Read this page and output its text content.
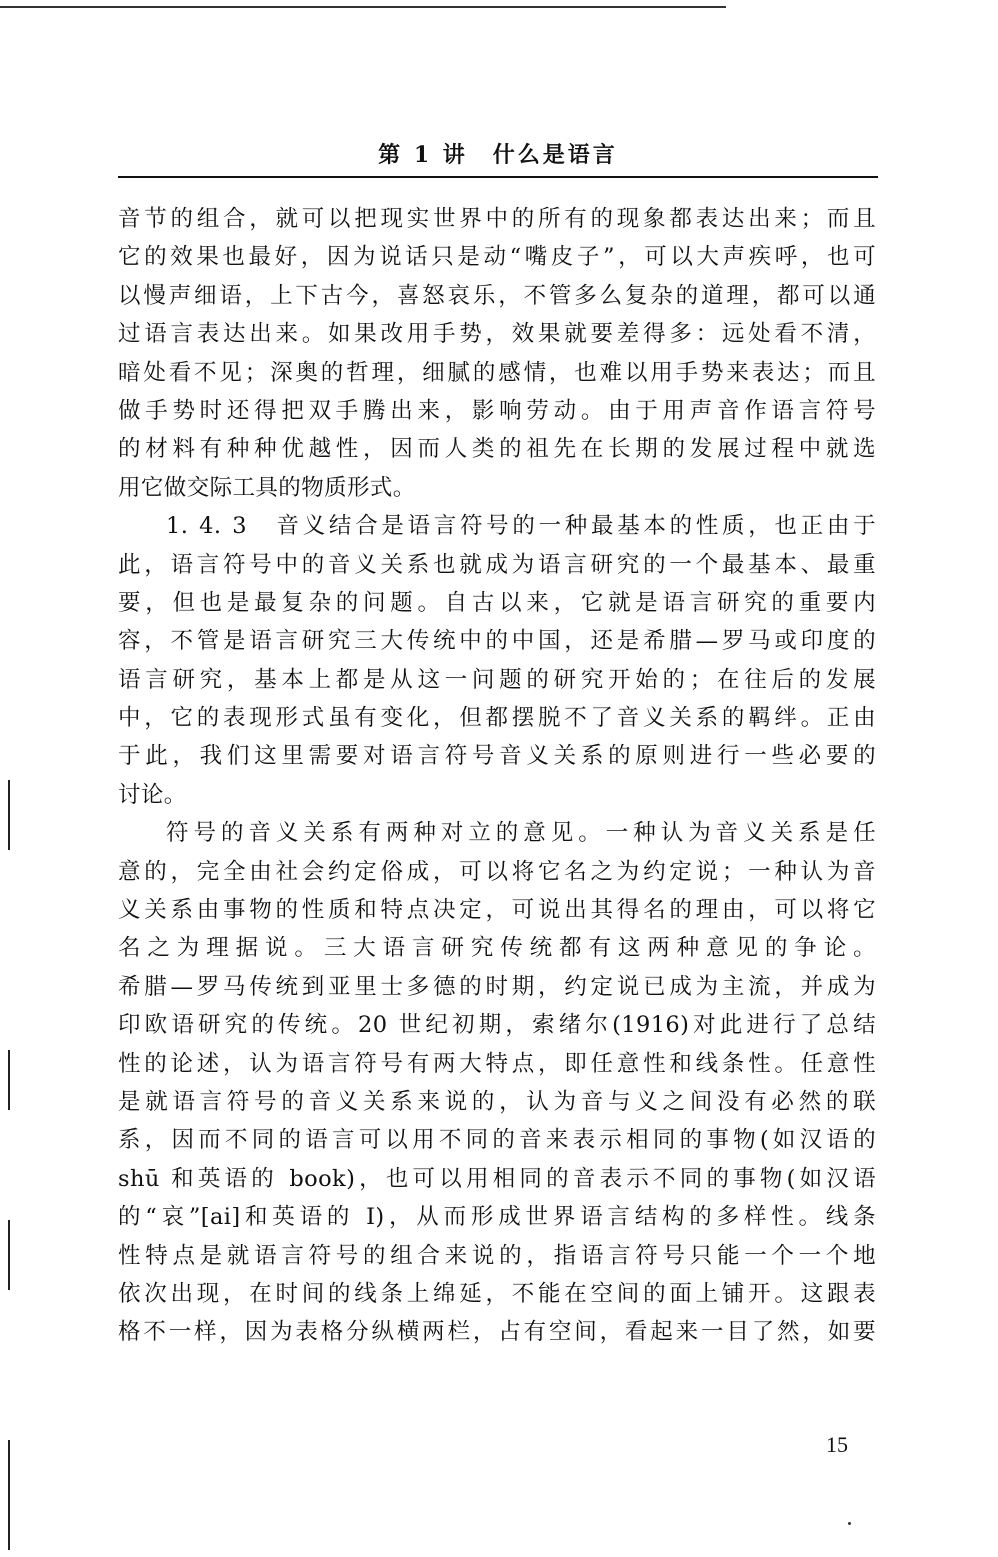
第 1 讲　什么是语言
音节的组合，就可以把现实世界中的所有的现象都表达出来；而且
它的效果也最好，因为说话只是动“嘴皮子”，可以大声疾呼，也可
以慢声细语，上下古今，喜怒哀乐，不管多么复杂的道理，都可以通
过语言表达出来。如果改用手势，效果就要差得多：远处看不清，
暗处看不见；深奥的哲理，细腻的感情，也难以用手势来表达；而且
做手势时还得把双手腾出来，影响劳动。由于用声音作语言符号
的材料有种种优越性，因而人类的祖先在长期的发展过程中就选
用它做交际工具的物质形式。
1. 4. 3　音义结合是语言符号的一种最基本的性质，也正由于
此，语言符号中的音义关系也就成为语言研究的一个最基本、最重
要，但也是最复杂的问题。自古以来，它就是语言研究的重要内
容，不管是语言研究三大传统中的中国，还是希腊—罗马或印度的
语言研究，基本上都是从这一问题的研究开始的；在往后的发展
中，它的表现形式虽有变化，但都摆脱不了音义关系的羁绊。正由
于此，我们这里需要对语言符号音义关系的原则进行一些必要的
讨论。
符号的音义关系有两种对立的意见。一种认为音义关系是任
意的，完全由社会约定俗成，可以将它名之为约定说；一种认为音
义关系由事物的性质和特点决定，可说出其得名的理由，可以将它
名之为理据说。三大语言研究传统都有这两种意见的争论。
希腊—罗马传统到亚里士多德的时期，约定说已成为主流，并成为
印欧语研究的传统。20 世纪初期，索绪尔(1916)对此进行了总结
性的论述，认为语言符号有两大特点，即任意性和线条性。任意性
是就语言符号的音义关系来说的，认为音与义之间没有必然的联
系，因而不同的语言可以用不同的音来表示相同的事物(如汉语的
shū 和英语的 book)，也可以用相同的音表示不同的事物(如汉语
的“哀”[ai]和英语的 I)，从而形成世界语言结构的多样性。线条
性特点是就语言符号的组合来说的，指语言符号只能一个一个地
依次出现，在时间的线条上绵延，不能在空间的面上铺开。这跟表
格不一样，因为表格分纵横两栏，占有空间，看起来一目了然，如要
15
